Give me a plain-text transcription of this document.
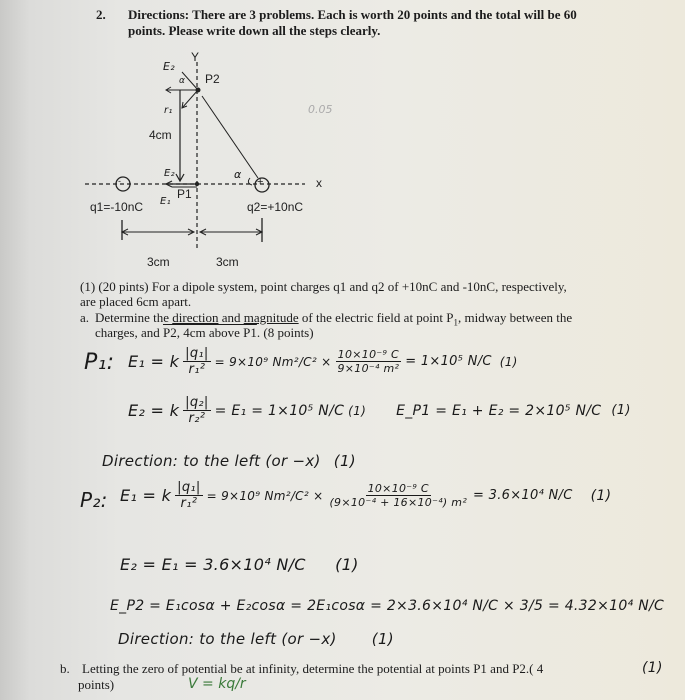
2. Directions: There are 3 problems. Each is worth 20 points and the total will be 60
points. Please write down all the steps clearly.
Y
P2
4cm
x
-	+
P1
q1=-10nC	q2=+10nC
3cm	3cm
E₂
r₁
α
α
E₂
E₁
0.05
(1) (20 pints) For a dipole system, point charges q1 and q2 of +10nC and -10nC, respectively,
are placed 6cm apart.
a. Determine the direction and magnitude of the electric field at point $P_1$, midway between the
charges, and P2, 4cm above P1. (8 points)
P₁: E₁ = k $\frac{\text{|q₁|}}{\text{r₁²}} = 9\times 10^9$ $Nm^2/C^2 \times \frac{\text{10×10⁻⁹ C}}{\text{9×10⁻⁴ m²}} = 1\times 10^5$ N/C (1)
E₂ = k $\frac{\text{|q₂|}}{\text{r₂²}} = E_1 = 1\times 10^5$ N/C (1) E_P1 = E₁ + E₂ = 2×10⁵ N/C (1)
Direction: to the left (or −x) (1)
P₂: E₁ = k $\frac{\text{|q₁|}}{\text{r₁²}} = 9\times 10^9$ $Nm^2/C^2 \times \frac{\text{10×10⁻⁹ C}}{\text{(9×10⁻⁴ + 16×10⁻⁴) m²}} = 3.6\times 10^4$ N/C (1)
E₂ = E₁ = 3.6×10⁴ N/C (1)
E_P2 = E₁cosα + E₂cosα = 2E₁cosα = 2×3.6×10⁴ N/C × 3/5 = 4.32×10⁴ N/C
(1)
Direction: to the left (or −x) (1)
b. Letting the zero of potential be at infinity, determine the potential at points P1 and P2.( 4
points)	V = kq/r
